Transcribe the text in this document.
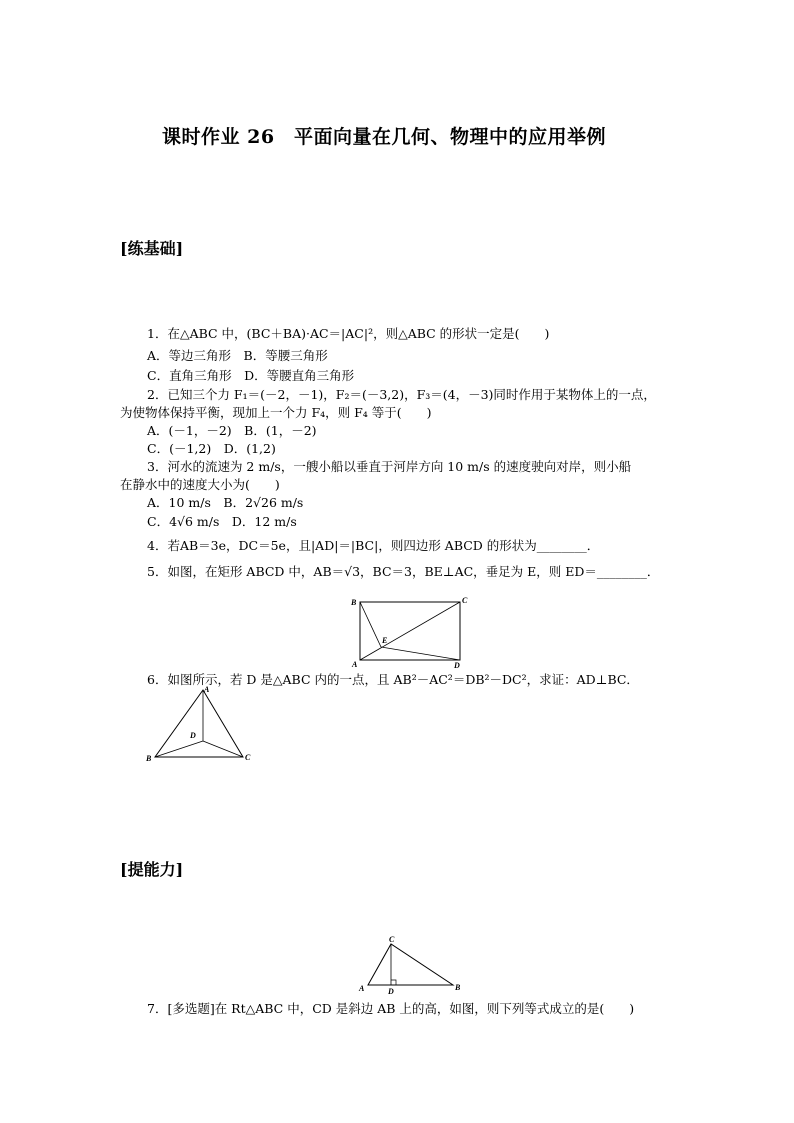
课时作业 26　平面向量在几何、物理中的应用举例
[练基础]
1．在△ABC 中，(BC＋BA)·AC＝|AC|²，则△ABC 的形状一定是(　　)
A．等边三角形　B．等腰三角形
C．直角三角形　D．等腰直角三角形
2．已知三个力 F₁＝(－2，－1)，F₂＝(－3,2)，F₃＝(4，－3)同时作用于某物体上的一点，
为使物体保持平衡，现加上一个力 F₄，则 F₄ 等于(　　)
A．(－1，－2)　B．(1，－2)
C．(－1,2)　D．(1,2)
3．河水的流速为 2 m/s，一艘小船以垂直于河岸方向 10 m/s 的速度驶向对岸，则小船
在静水中的速度大小为(　　)
A．10 m/s　B．2√26 m/s
C．4√6 m/s　D．12 m/s
4．若AB＝3e，DC＝5e，且|AD|＝|BC|，则四边形 ABCD 的形状为________．
5．如图，在矩形 ABCD 中，AB＝√3，BC＝3，BE⊥AC，垂足为 E，则 ED＝________．
B	C
A	D
E
6．如图所示，若 D 是△ABC 内的一点，且 AB²－AC²＝DB²－DC²，求证：AD⊥BC．
A
B	C
D
[提能力]
C
A	B
D
7．[多选题]在 Rt△ABC 中，CD 是斜边 AB 上的高，如图，则下列等式成立的是(　　)
